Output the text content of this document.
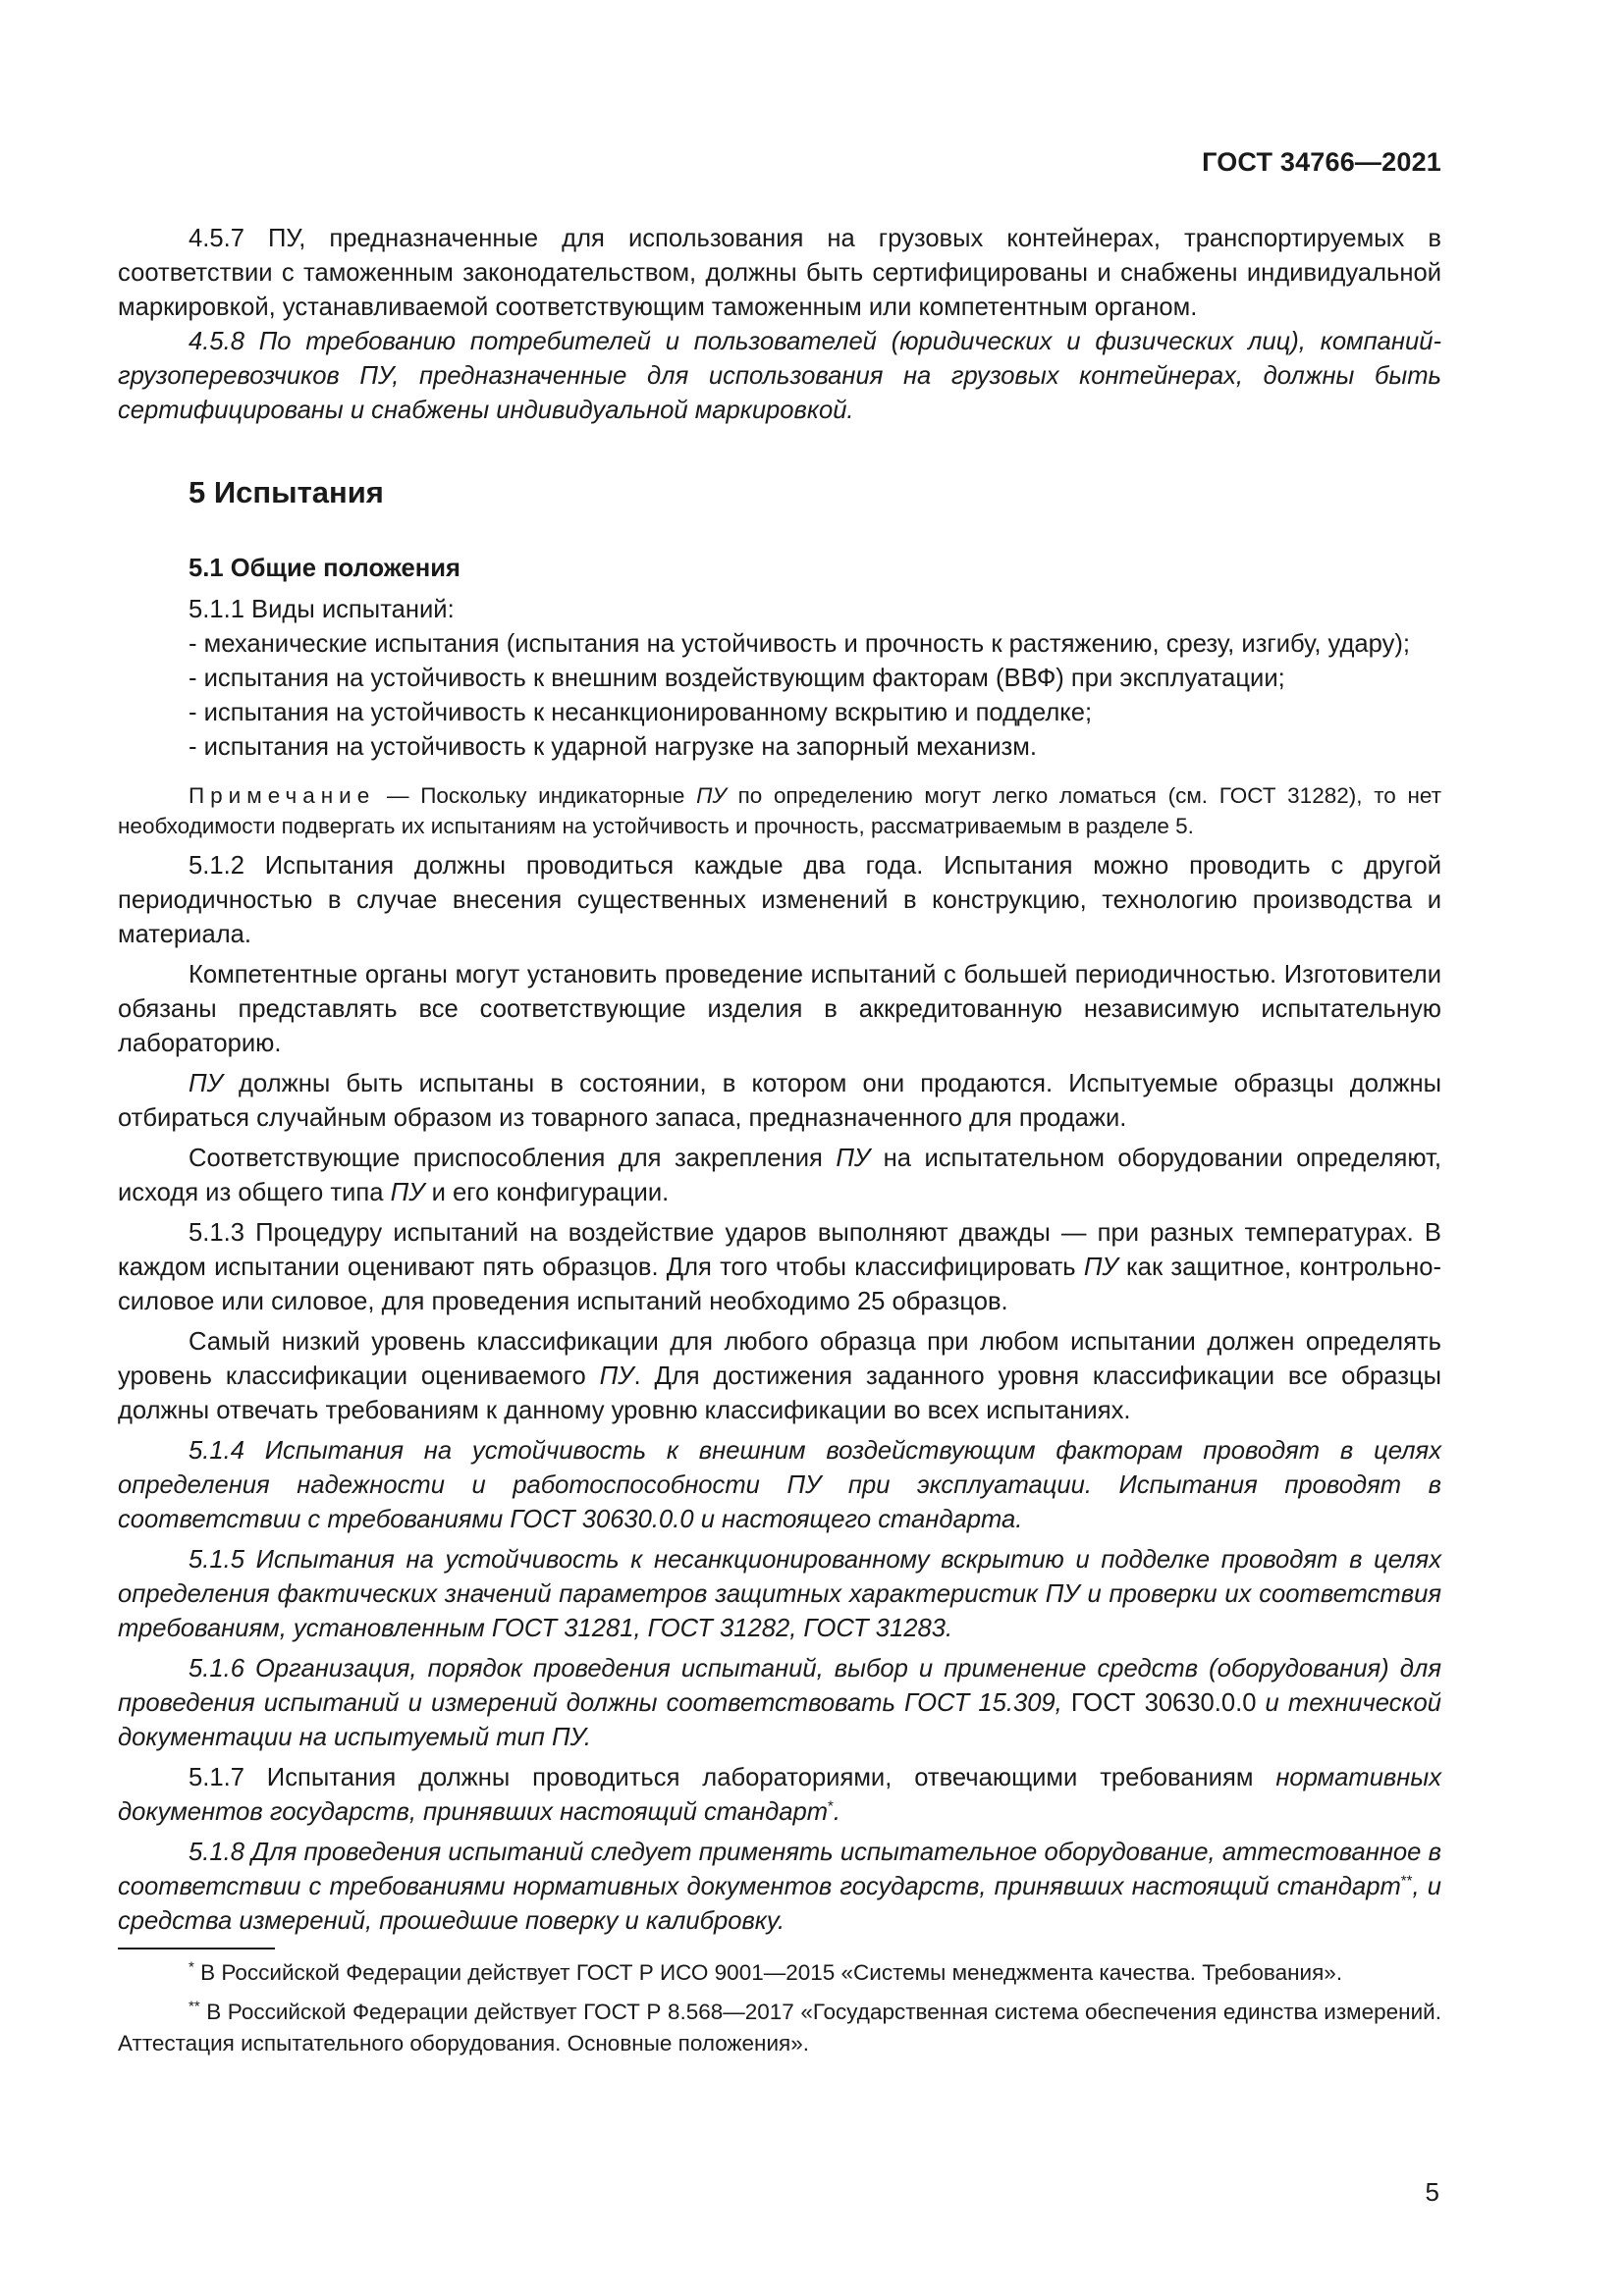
ГОСТ 34766—2021

4.5.7 ПУ, предназначенные для использования на грузовых контейнерах, транспортируемых в соответствии с таможенным законодательством, должны быть сертифицированы и снабжены индивидуальной маркировкой, устанавливаемой соответствующим таможенным или компетентным органом.

4.5.8 По требованию потребителей и пользователей (юридических и физических лиц), компаний-грузоперевозчиков ПУ, предназначенные для использования на грузовых контейнерах, должны быть сертифицированы и снабжены индивидуальной маркировкой.

5 Испытания
5.1 Общие положения

5.1.1 Виды испытаний:

- механические испытания (испытания на устойчивость и прочность к растяжению, срезу, изгибу, удару);

- испытания на устойчивость к внешним воздействующим факторам (ВВФ) при эксплуатации;

- испытания на устойчивость к несанкционированному вскрытию и подделке;

- испытания на устойчивость к ударной нагрузке на запорный механизм.

Примечание — Поскольку индикаторные ПУ по определению могут легко ломаться (см. ГОСТ 31282), то нет необходимости подвергать их испытаниям на устойчивость и прочность, рассматриваемым в разделе 5.

5.1.2 Испытания должны проводиться каждые два года. Испытания можно проводить с другой периодичностью в случае внесения существенных изменений в конструкцию, технологию производства и материала.

Компетентные органы могут установить проведение испытаний с большей периодичностью. Изготовители обязаны представлять все соответствующие изделия в аккредитованную независимую испытательную лабораторию.

ПУ должны быть испытаны в состоянии, в котором они продаются. Испытуемые образцы должны отбираться случайным образом из товарного запаса, предназначенного для продажи.

Соответствующие приспособления для закрепления ПУ на испытательном оборудовании определяют, исходя из общего типа ПУ и его конфигурации.

5.1.3 Процедуру испытаний на воздействие ударов выполняют дважды — при разных температурах. В каждом испытании оценивают пять образцов. Для того чтобы классифицировать ПУ как защитное, контрольно-силовое или силовое, для проведения испытаний необходимо 25 образцов.

Самый низкий уровень классификации для любого образца при любом испытании должен определять уровень классификации оцениваемого ПУ. Для достижения заданного уровня классификации все образцы должны отвечать требованиям к данному уровню классификации во всех испытаниях.

5.1.4 Испытания на устойчивость к внешним воздействующим факторам проводят в целях определения надежности и работоспособности ПУ при эксплуатации. Испытания проводят в соответствии с требованиями ГОСТ 30630.0.0 и настоящего стандарта.

5.1.5 Испытания на устойчивость к несанкционированному вскрытию и подделке проводят в целях определения фактических значений параметров защитных характеристик ПУ и проверки их соответствия требованиям, установленным ГОСТ 31281, ГОСТ 31282, ГОСТ 31283.

5.1.6 Организация, порядок проведения испытаний, выбор и применение средств (оборудования) для проведения испытаний и измерений должны соответствовать ГОСТ 15.309, ГОСТ 30630.0.0 и технической документации на испытуемый тип ПУ.

5.1.7 Испытания должны проводиться лабораториями, отвечающими требованиям нормативных документов государств, принявших настоящий стандарт*.

5.1.8 Для проведения испытаний следует применять испытательное оборудование, аттестованное в соответствии с требованиями нормативных документов государств, принявших настоящий стандарт**, и средства измерений, прошедшие поверку и калибровку.

* В Российской Федерации действует ГОСТ Р ИСО 9001—2015 «Системы менеджмента качества. Требования».

** В Российской Федерации действует ГОСТ Р 8.568—2017 «Государственная система обеспечения единства измерений. Аттестация испытательного оборудования. Основные положения».

5
